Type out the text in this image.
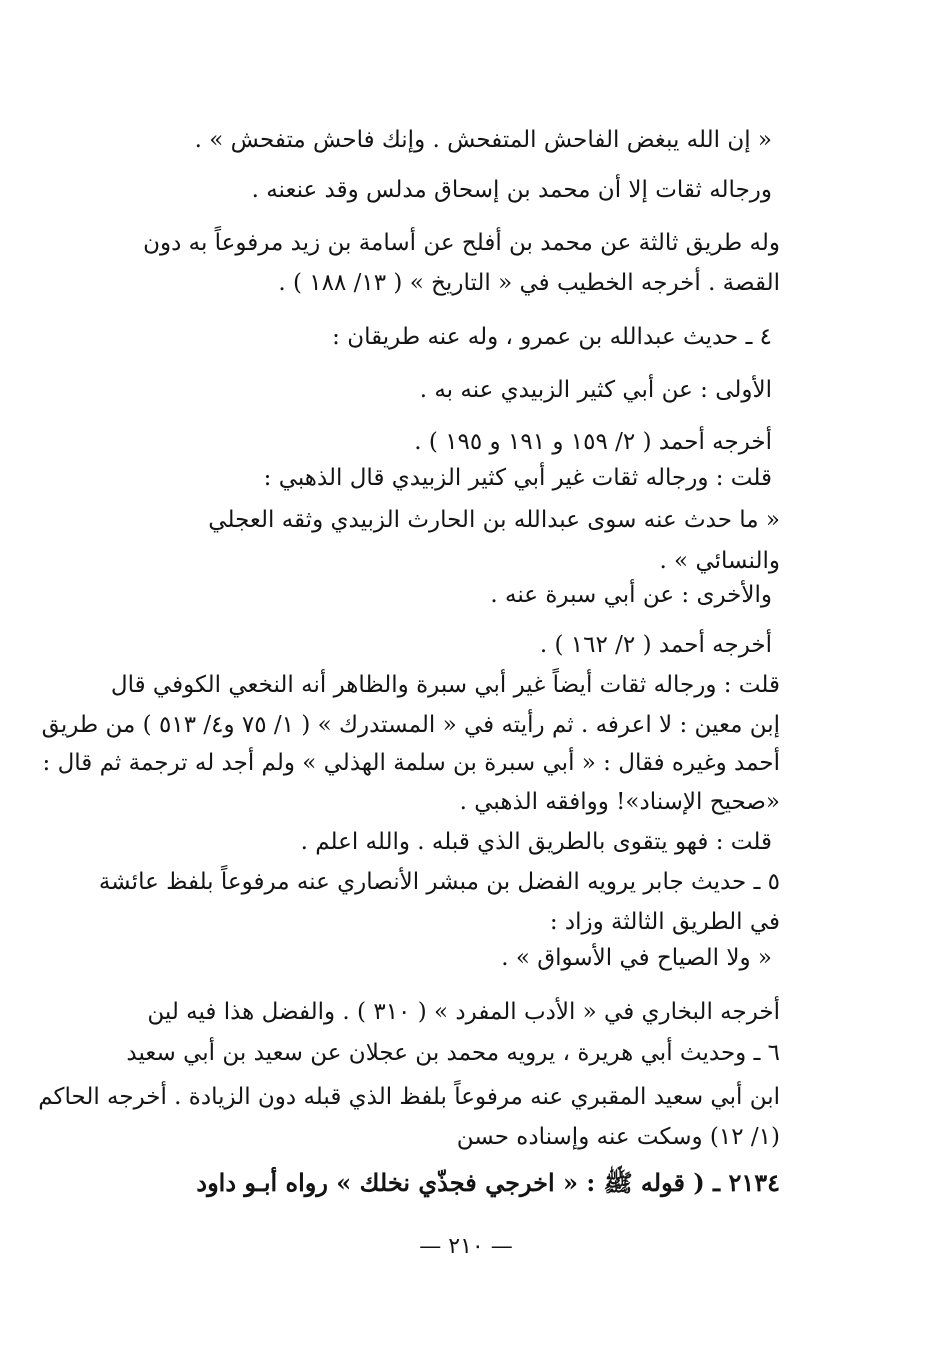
« إن الله يبغض الفاحش المتفحش . وإنك فاحش متفحش » .
ورجاله ثقات إلا أن محمد بن إسحاق مدلس وقد عنعنه .
وله طريق ثالثة عن محمد بن أفلح عن أسامة بن زيد مرفوعاً به دون
القصة . أخرجه الخطيب في « التاريخ » ( ١٣/ ١٨٨ ) .
٤ ـ حديث عبدالله بن عمرو ، وله عنه طريقان :
الأولى : عن أبي كثير الزبيدي عنه به .
أخرجه أحمد ( ٢/ ١٥٩ و ١٩١ و ١٩٥ ) .
قلت : ورجاله ثقات غير أبي كثير الزبيدي قال الذهبي :
« ما حدث عنه سوى عبدالله بن الحارث الزبيدي وثقه العجلي
والنسائي » .
والأخرى : عن أبي سبرة عنه .
أخرجه أحمد ( ٢/ ١٦٢ ) .
قلت : ورجاله ثقات أيضاً غير أبي سبرة والظاهر أنه النخعي الكوفي قال
إبن معين : لا اعرفه . ثم رأيته في « المستدرك » ( ١/ ٧٥ و٤/ ٥١٣ ) من طريق
أحمد وغيره فقال : « أبي سبرة بن سلمة الهذلي » ولم أجد له ترجمة ثم قال :
«صحيح الإسناد»! ووافقه الذهبي .
قلت : فهو يتقوى بالطريق الذي قبله . والله اعلم .
٥ ـ حديث جابر يرويه الفضل بن مبشر الأنصاري عنه مرفوعاً بلفظ عائشة
في الطريق الثالثة وزاد :
« ولا الصياح في الأسواق » .
أخرجه البخاري في « الأدب المفرد » ( ٣١٠ ) . والفضل هذا فيه لين
٦ ـ وحديث أبي هريرة ، يرويه محمد بن عجلان عن سعيد بن أبي سعيد
ابن أبي سعيد المقبري عنه مرفوعاً بلفظ الذي قبله دون الزيادة . أخرجه الحاكم
(١/ ١٢) وسكت عنه وإسناده حسن
٢١٣٤ ـ ( قوله ﷺ : « اخرجي فجذّي نخلك » رواه أبـو داود
— ٢١٠ —
